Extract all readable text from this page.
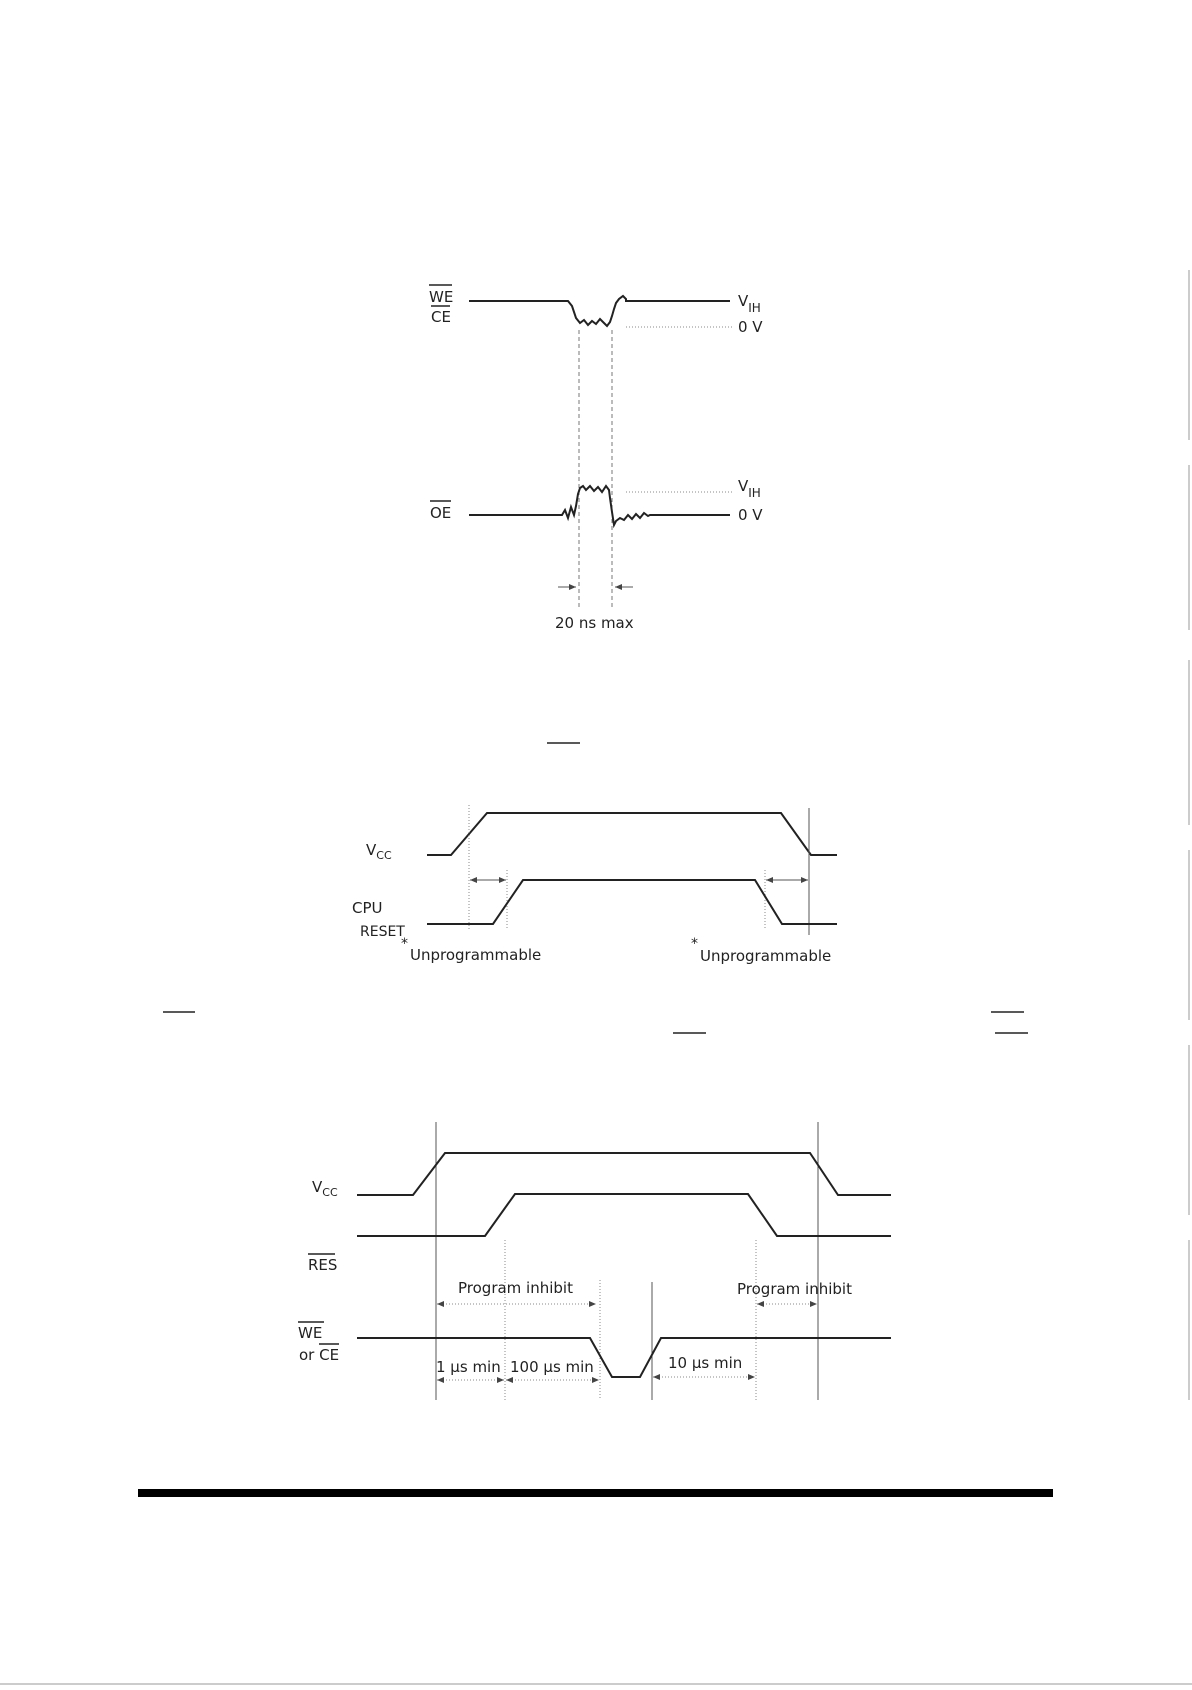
WE
CE
$V_{IH}$
0 V
OE
$V_{IH}$
0 V
20 ns max
$V_{CC}$
CPU
RESET
*
Unprogrammable
*
Unprogrammable
$V_{CC}$
RES
Program inhibit	Program inhibit
WE
or CE
1 µs min 100 µs min	10 µs min
